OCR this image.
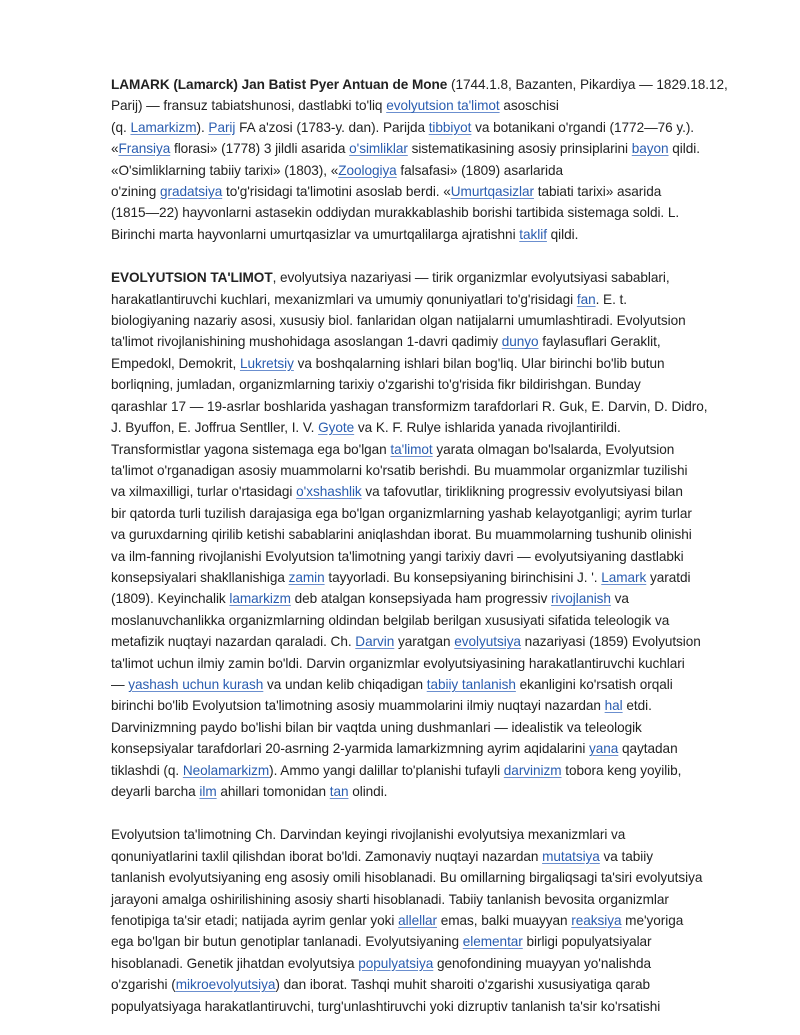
LAMARK (Lamarck) Jan Batist Pyer Antuan de Mone (1744.1.8, Bazanten, Pikardiya — 1829.18.12,
Parij) — fransuz tabiatshunosi, dastlabki to'liq evolyutsion ta'limot asoschisi
(q. Lamarkizm). Parij FA a'zosi (1783-y. dan). Parijda tibbiyot va botanikani o'rgandi (1772—76 y.).
«Fransiya florasi» (1778) 3 jildli asarida o'simliklar sistematikasining asosiy prinsiplarini bayon qildi.
«O'simliklarning tabiiy tarixi» (1803), «Zoologiya falsafasi» (1809) asarlarida
o'zining gradatsiya to'g'risidagi ta'limotini asoslab berdi. «Umurtqasizlar tabiati tarixi» asarida
(1815—22) hayvonlarni astasekin oddiydan murakkablashib borishi tartibida sistemaga soldi. L.
Birinchi marta hayvonlarni umurtqasizlar va umurtqalilarga ajratishni taklif qildi.
EVOLYUTSION TA'LIMOT, evolyutsiya nazariyasi — tirik organizmlar evolyutsiyasi sabablari,
harakatlantiruvchi kuchlari, mexanizmlari va umumiy qonuniyatlari to'g'risidagi fan. E. t.
biologiyaning nazariy asosi, xususiy biol. fanlaridan olgan natijalarni umumlashtiradi. Evolyutsion
ta'limot rivojlanishining mushohidaga asoslangan 1-davri qadimiy dunyo faylasuflari Geraklit,
Empedokl, Demokrit, Lukretsiy va boshqalarning ishlari bilan bog'liq. Ular birinchi bo'lib butun
borliqning, jumladan, organizmlarning tarixiy o'zgarishi to'g'risida fikr bildirishgan. Bunday
qarashlar 17 — 19-asrlar boshlarida yashagan transformizm tarafdorlari R. Guk, E. Darvin, D. Didro,
J. Byuffon, E. Joffrua Sentller, I. V. Gyote va K. F. Rulye ishlarida yanada rivojlantirildi.
Transformistlar yagona sistemaga ega bo'lgan ta'limot yarata olmagan bo'lsalarda, Evolyutsion
ta'limot o'rganadigan asosiy muammolarni ko'rsatib berishdi. Bu muammolar organizmlar tuzilishi
va xilmaxilligi, turlar o'rtasidagi o'xshashlik va tafovutlar, tiriklikning progressiv evolyutsiyasi bilan
bir qatorda turli tuzilish darajasiga ega bo'lgan organizmlarning yashab kelayotganligi; ayrim turlar
va guruxdarning qirilib ketishi sabablarini aniqlashdan iborat. Bu muammolarning tushunib olinishi
va ilm-fanning rivojlanishi Evolyutsion ta'limotning yangi tarixiy davri — evolyutsiyaning dastlabki
konsepsiyalari shakllanishiga zamin tayyorladi. Bu konsepsiyaning birinchisini J. '. Lamark yaratdi
(1809). Keyinchalik lamarkizm deb atalgan konsepsiyada ham progressiv rivojlanish va
moslanuvchanlikka organizmlarning oldindan belgilab berilgan xususiyati sifatida teleologik va
metafizik nuqtayi nazardan qaraladi. Ch. Darvin yaratgan evolyutsiya nazariyasi (1859) Evolyutsion
ta'limot uchun ilmiy zamin bo'ldi. Darvin organizmlar evolyutsiyasining harakatlantiruvchi kuchlari
— yashash uchun kurash va undan kelib chiqadigan tabiiy tanlanish ekanligini ko'rsatish orqali
birinchi bo'lib Evolyutsion ta'limotning asosiy muammolarini ilmiy nuqtayi nazardan hal etdi.
Darvinizmning paydo bo'lishi bilan bir vaqtda uning dushmanlari — idealistik va teleologik
konsepsiyalar tarafdorlari 20-asrning 2-yarmida lamarkizmning ayrim aqidalarini yana qaytadan
tiklashdi (q. Neolamarkizm). Ammo yangi dalillar to'planishi tufayli darvinizm tobora keng yoyilib,
deyarli barcha ilm ahillari tomonidan tan olindi.
Evolyutsion ta'limotning Ch. Darvindan keyingi rivojlanishi evolyutsiya mexanizmlari va
qonuniyatlarini taxlil qilishdan iborat bo'ldi. Zamonaviy nuqtayi nazardan mutatsiya va tabiiy
tanlanish evolyutsiyaning eng asosiy omili hisoblanadi. Bu omillarning birgaliqsagi ta'siri evolyutsiya
jarayoni amalga oshirilishining asosiy sharti hisoblanadi. Tabiiy tanlanish bevosita organizmlar
fenotipiga ta'sir etadi; natijada ayrim genlar yoki allellar emas, balki muayyan reaksiya me'yoriga
ega bo'lgan bir butun genotiplar tanlanadi. Evolyutsiyaning elementar birligi populyatsiyalar
hisoblanadi. Genetik jihatdan evolyutsiya populyatsiya genofondining muayyan yo'nalishda
o'zgarishi (mikroevolyutsiya) dan iborat. Tashqi muhit sharoiti o'zgarishi xususiyatiga qarab
populyatsiyaga harakatlantiruvchi, turg'unlashtiruvchi yoki dizruptiv tanlanish ta'sir ko'rsatishi
